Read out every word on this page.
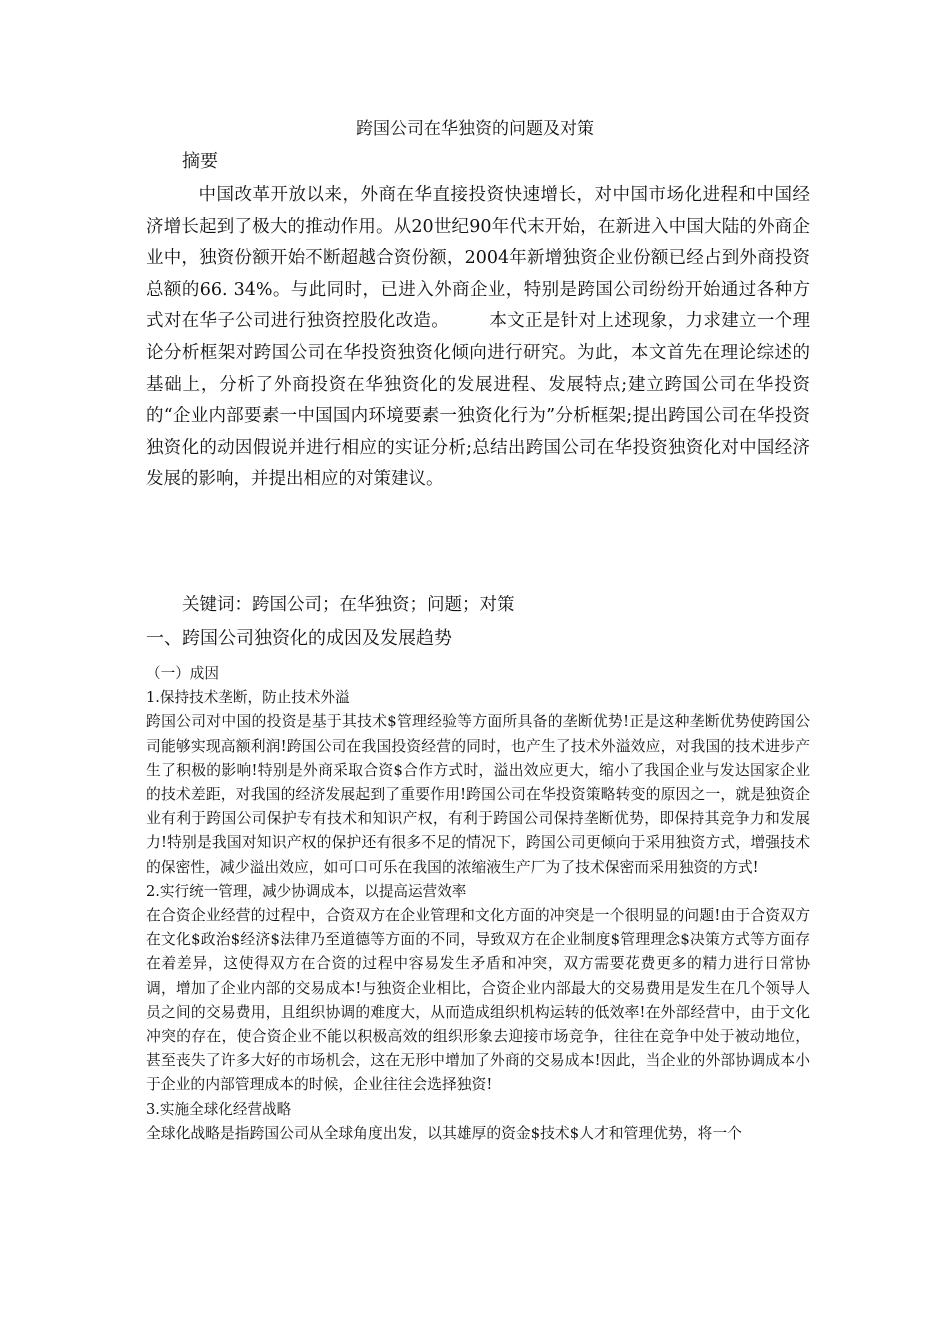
跨国公司在华独资的问题及对策
摘要
中国改革开放以来，外商在华直接投资快速增长，对中国市场化进程和中国经济增长起到了极大的推动作用。从20世纪90年代末开始，在新进入中国大陆的外商企业中，独资份额开始不断超越合资份额，2004年新增独资企业份额已经占到外商投资总额的66. 34%。与此同时，已进入外商企业，特别是跨国公司纷纷开始通过各种方式对在华子公司进行独资控股化改造。 本文正是针对上述现象，力求建立一个理论分析框架对跨国公司在华投资独资化倾向进行研究。为此，本文首先在理论综述的基础上，分析了外商投资在华独资化的发展进程、发展特点;建立跨国公司在华投资的“企业内部要素一中国国内环境要素一独资化行为”分析框架;提出跨国公司在华投资独资化的动因假说并进行相应的实证分析;总结出跨国公司在华投资独资化对中国经济发展的影响，并提出相应的对策建议。
关键词：跨国公司；在华独资；问题；对策
一、跨国公司独资化的成因及发展趋势

（一）成因

1.保持技术垄断，防止技术外溢

跨国公司对中国的投资是基于其技术$管理经验等方面所具备的垄断优势!正是这种垄断优势使跨国公司能够实现高额利润!跨国公司在我国投资经营的同时，也产生了技术外溢效应，对我国的技术进步产生了积极的影响!特别是外商采取合资$合作方式时，溢出效应更大，缩小了我国企业与发达国家企业的技术差距，对我国的经济发展起到了重要作用!跨国公司在华投资策略转变的原因之一，就是独资企业有利于跨国公司保护专有技术和知识产权，有利于跨国公司保持垄断优势，即保持其竞争力和发展力!特别是我国对知识产权的保护还有很多不足的情况下，跨国公司更倾向于采用独资方式，增强技术的保密性，减少溢出效应，如可口可乐在我国的浓缩液生产厂为了技术保密而采用独资的方式!

2.实行统一管理，减少协调成本，以提高运营效率

在合资企业经营的过程中，合资双方在企业管理和文化方面的冲突是一个很明显的问题!由于合资双方在文化$政治$经济$法律乃至道德等方面的不同，导致双方在企业制度$管理理念$决策方式等方面存在着差异，这使得双方在合资的过程中容易发生矛盾和冲突，双方需要花费更多的精力进行日常协调，增加了企业内部的交易成本!与独资企业相比，合资企业内部最大的交易费用是发生在几个领导人员之间的交易费用，且组织协调的难度大，从而造成组织机构运转的低效率!在外部经营中，由于文化冲突的存在，使合资企业不能以积极高效的组织形象去迎接市场竞争，往往在竞争中处于被动地位，甚至丧失了许多大好的市场机会，这在无形中增加了外商的交易成本!因此，当企业的外部协调成本小于企业的内部管理成本的时候，企业往往会选择独资!

3.实施全球化经营战略

全球化战略是指跨国公司从全球角度出发，以其雄厚的资金$技术$人才和管理优势，将一个
